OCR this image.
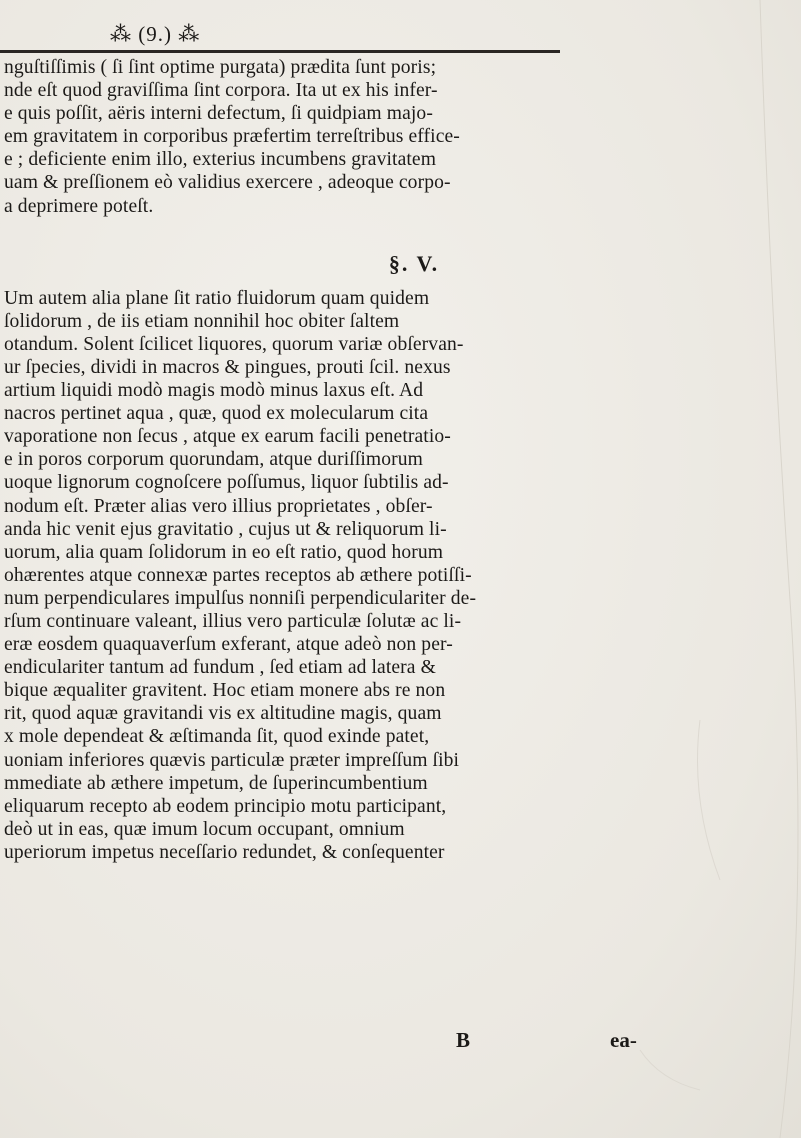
⁂ (9.) ⁂
nguſtiſſimis ( ſi ſint optime purgata) prædita ſunt poris;
nde eſt quod graviſſima ſint corpora. Ita ut ex his infer-
e quis poſſit, aëris interni defectum, ſi quidpiam majo-
em gravitatem in corporibus præfertim terreſtribus effice-
e ; deficiente enim illo, exterius incumbens gravitatem
uam & preſſionem eò validius exercere , adeoque corpo-
a deprimere poteſt.
§. V.
Um autem alia plane ſit ratio fluidorum quam quidem
ſolidorum , de iis etiam nonnihil hoc obiter ſaltem
otandum. Solent ſcilicet liquores, quorum variæ obſervan-
ur ſpecies, dividi in macros & pingues, prouti ſcil. nexus
artium liquidi modò magis modò minus laxus eſt. Ad
nacros pertinet aqua , quæ, quod ex molecularum cita
vaporatione non ſecus , atque ex earum facili penetratio-
e in poros corporum quorundam, atque duriſſimorum
uoque lignorum cognoſcere poſſumus, liquor ſubtilis ad-
nodum eſt. Præter alias vero illius proprietates , obſer-
anda hic venit ejus gravitatio , cujus ut & reliquorum li-
uorum, alia quam ſolidorum in eo eſt ratio, quod horum
ohærentes atque connexæ partes receptos ab æthere potiſſi-
num perpendiculares impulſus nonniſi perpendiculariter de-
rſum continuare valeant, illius vero particulæ ſolutæ ac li-
eræ eosdem quaquaverſum exferant, atque adeò non per-
endiculariter tantum ad fundum , ſed etiam ad latera &
bique æqualiter gravitent. Hoc etiam monere abs re non
rit, quod aquæ gravitandi vis ex altitudine magis, quam
x mole dependeat & æſtimanda ſit, quod exinde patet,
uoniam inferiores quævis particulæ præter impreſſum ſibi
mmediate ab æthere impetum, de ſuperincumbentium
eliquarum recepto ab eodem principio motu participant,
deò ut in eas, quæ imum locum occupant, omnium
uperiorum impetus neceſſario redundet, & conſequenter
B	ea-
